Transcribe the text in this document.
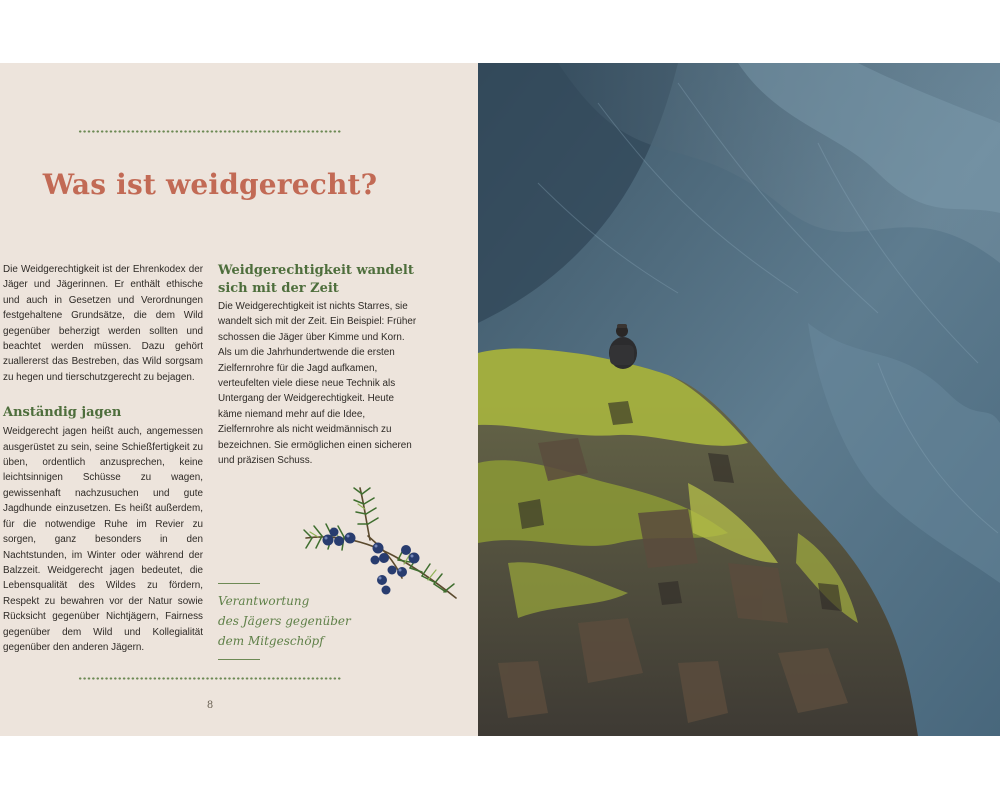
Was ist weidgerecht?

Die Weidgerechtigkeit ist der Ehrenkodex der Jäger und Jägerinnen. Er enthält ethische und auch in Gesetzen und Verordnungen festgehaltene Grundsätze, die dem Wild gegenüber beherzigt werden sollten und beachtet werden müssen. Dazu gehört zuallererst das Bestreben, das Wild sorgsam zu hegen und tierschutzgerecht zu bejagen.

Anständig jagen

Weidgerecht jagen heißt auch, angemessen ausgerüstet zu sein, seine Schießfertigkeit zu üben, ordentlich anzusprechen, keine leichtsinnigen Schüsse zu wagen, gewissenhaft nachzusuchen und gute Jagdhunde einzusetzen. Es heißt außerdem, für die notwendige Ruhe im Revier zu sorgen, ganz besonders in den Nachtstunden, im Winter oder während der Balzzeit. Weidgerecht jagen bedeutet, die Lebensqualität des Wildes zu fördern, Respekt zu bewahren vor der Natur sowie Rücksicht gegenüber Nichtjägern, Fairness gegenüber dem Wild und Kollegialität gegenüber den anderen Jägern.

Weidgerechtigkeit wandelt
sich mit der Zeit

Die Weidgerechtigkeit ist nichts Starres, sie wandelt sich mit der Zeit. Ein Beispiel: Früher schossen die Jäger über Kimme und Korn. Als um die Jahrhundertwende die ersten Zielfernrohre für die Jagd aufkamen, verteufelten viele diese neue Technik als Untergang der Weidgerechtigkeit. Heute käme niemand mehr auf die Idee, Zielfernrohre als nicht weidmännisch zu bezeichnen. Sie ermöglichen einen sicheren und präzisen Schuss.

Verantwortung
des Jägers gegenüber
dem Mitgeschöpf
8
